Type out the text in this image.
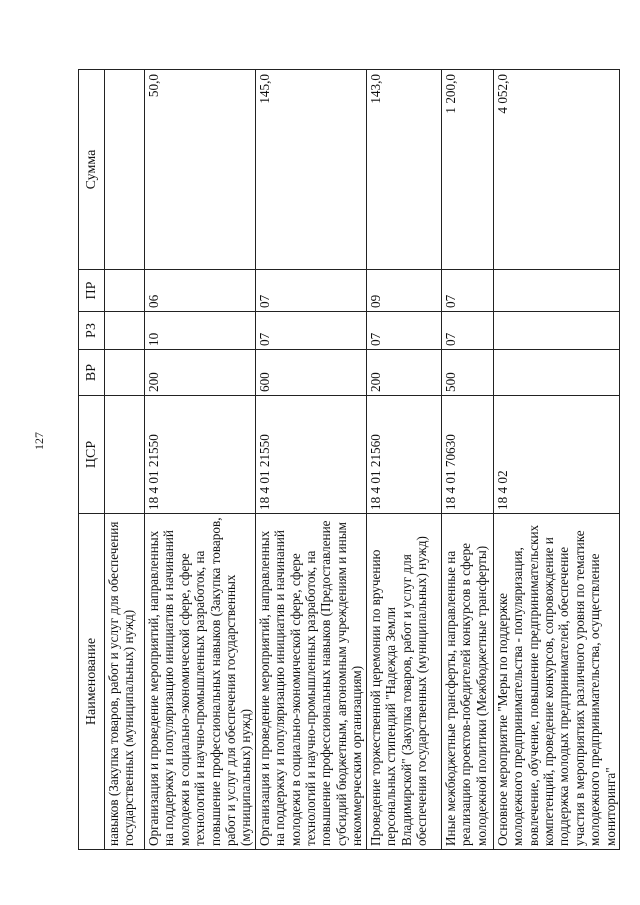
127
Наименование	ЦСР	ВР	РЗ	ПР	Сумма
навыков (Закупка товаров, работ и услуг для обеспечения государственных (муниципальных) нужд)					
Организация и проведение мероприятий, направленных на поддержку и популяризацию инициатив и начинаний молодежи в социально-экономической сфере, сфере технологий и научно-промышленных разработок, на повышение профессиональных навыков (Закупка товаров, работ и услуг для обеспечения государственных (муниципальных) нужд)	18 4 01 21550	200	10	06	50,0
Организация и проведение мероприятий, направленных на поддержку и популяризацию инициатив и начинаний молодежи в социально-экономической сфере, сфере технологий и научно-промышленных разработок, на повышение профессиональных навыков (Предоставление субсидий бюджетным, автономным учреждениям и иным некоммерческим организациям)	18 4 01 21550	600	07	07	145,0
Проведение торжественной церемонии по вручению персональных стипендий "Надежда Земли Владимирской" (Закупка товаров, работ и услуг для обеспечения государственных (муниципальных) нужд)	18 4 01 21560	200	07	09	143,0
Иные межбюджетные трансферты, направленные на реализацию проектов-победителей конкурсов в сфере молодежной политики (Межбюджетные трансферты)	18 4 01 70630	500	07	07	1 200,0
Основное мероприятие "Меры по поддержке молодежного предпринимательства - популяризация, вовлечение, обучение, повышение предпринимательских компетенций, проведение конкурсов, сопровождение и поддержка молодых предпринимателей, обеспечение участия в мероприятиях различного уровня по тематике молодежного предпринимательства, осуществление мониторинга"	18 4 02				4 052,0
